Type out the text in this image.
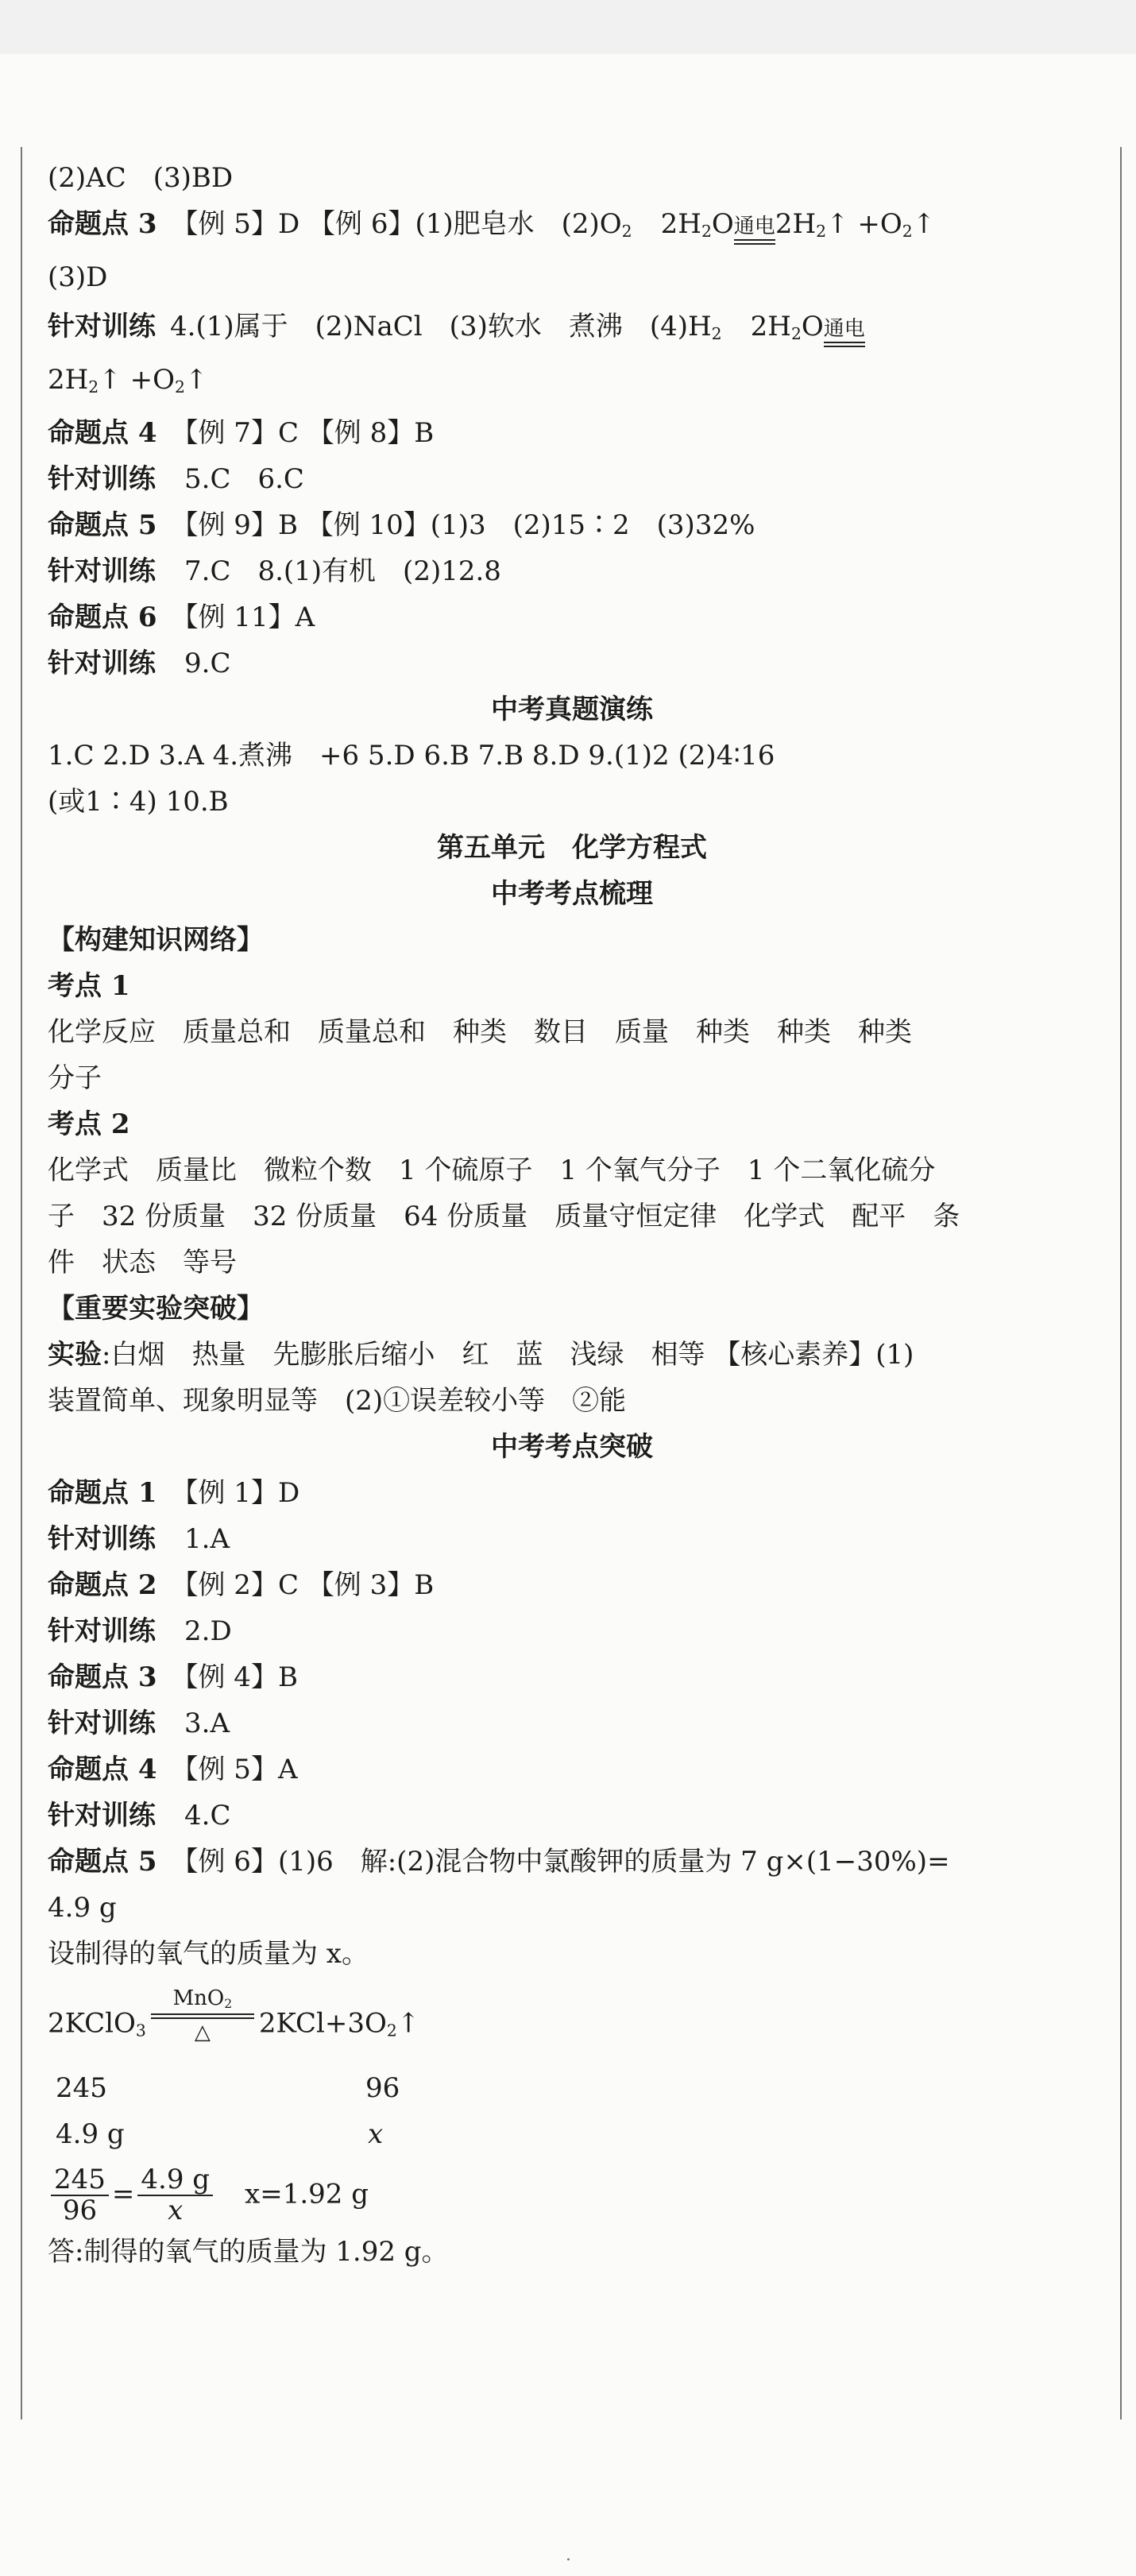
(2)AC　(3)BD

命题点 3 【例 5】D 【例 6】(1)肥皂水　$(2)O_2$ $2H_2O$ 通电 $2H_2↑$ $+O_2↑$

(3)D

针对训练 4.(1)属于　(2)NaCl　(3)软水　煮沸　$(4)H_2$ $2H_2O$ 通电

$2H_2↑$ $+O_2↑$

命题点 4 【例 7】C 【例 8】B

针对训练 5.C　6.C

命题点 5 【例 9】B 【例 10】(1)3　(2)15∶2　(3)32%

针对训练 7.C　8.(1)有机　(2)12.8

命题点 6 【例 11】A

针对训练 9.C

中考真题演练

1.C 2.D 3.A 4.煮沸　+6 5.D 6.B 7.B 8.D 9.(1)2 (2)4∶16

(或1∶4) 10.B

第五单元　化学方程式

中考考点梳理

【构建知识网络】

考点 1

化学反应　质量总和　质量总和　种类　数目　质量　种类　种类　种类

分子

考点 2

化学式　质量比　微粒个数　1 个硫原子　1 个氧气分子　1 个二氧化硫分

子　32 份质量　32 份质量　64 份质量　质量守恒定律　化学式　配平　条

件　状态　等号

【重要实验突破】

实验:白烟　热量　先膨胀后缩小　红　蓝　浅绿　相等 【核心素养】(1)

装置简单、现象明显等　(2)①误差较小等　②能

中考考点突破

命题点 1 【例 1】D

针对训练 1.A

命题点 2 【例 2】C 【例 3】B

针对训练 2.D

命题点 3 【例 4】B

针对训练 3.A

命题点 4 【例 5】A

针对训练 4.C

命题点 5 【例 6】(1)6　解:(2)混合物中氯酸钾的质量为 7 g×(1−30%)=

4.9 g

设制得的氧气的质量为 x。

2KClO$_3$
MnO$_2$
△	$2KCl+3O_2↑$

245	96
4.9 g	x

$\frac{245}{96} = \frac{4.9 g}{x} x=1.92$ g

答:制得的氧气的质量为 1.92 g。

·
